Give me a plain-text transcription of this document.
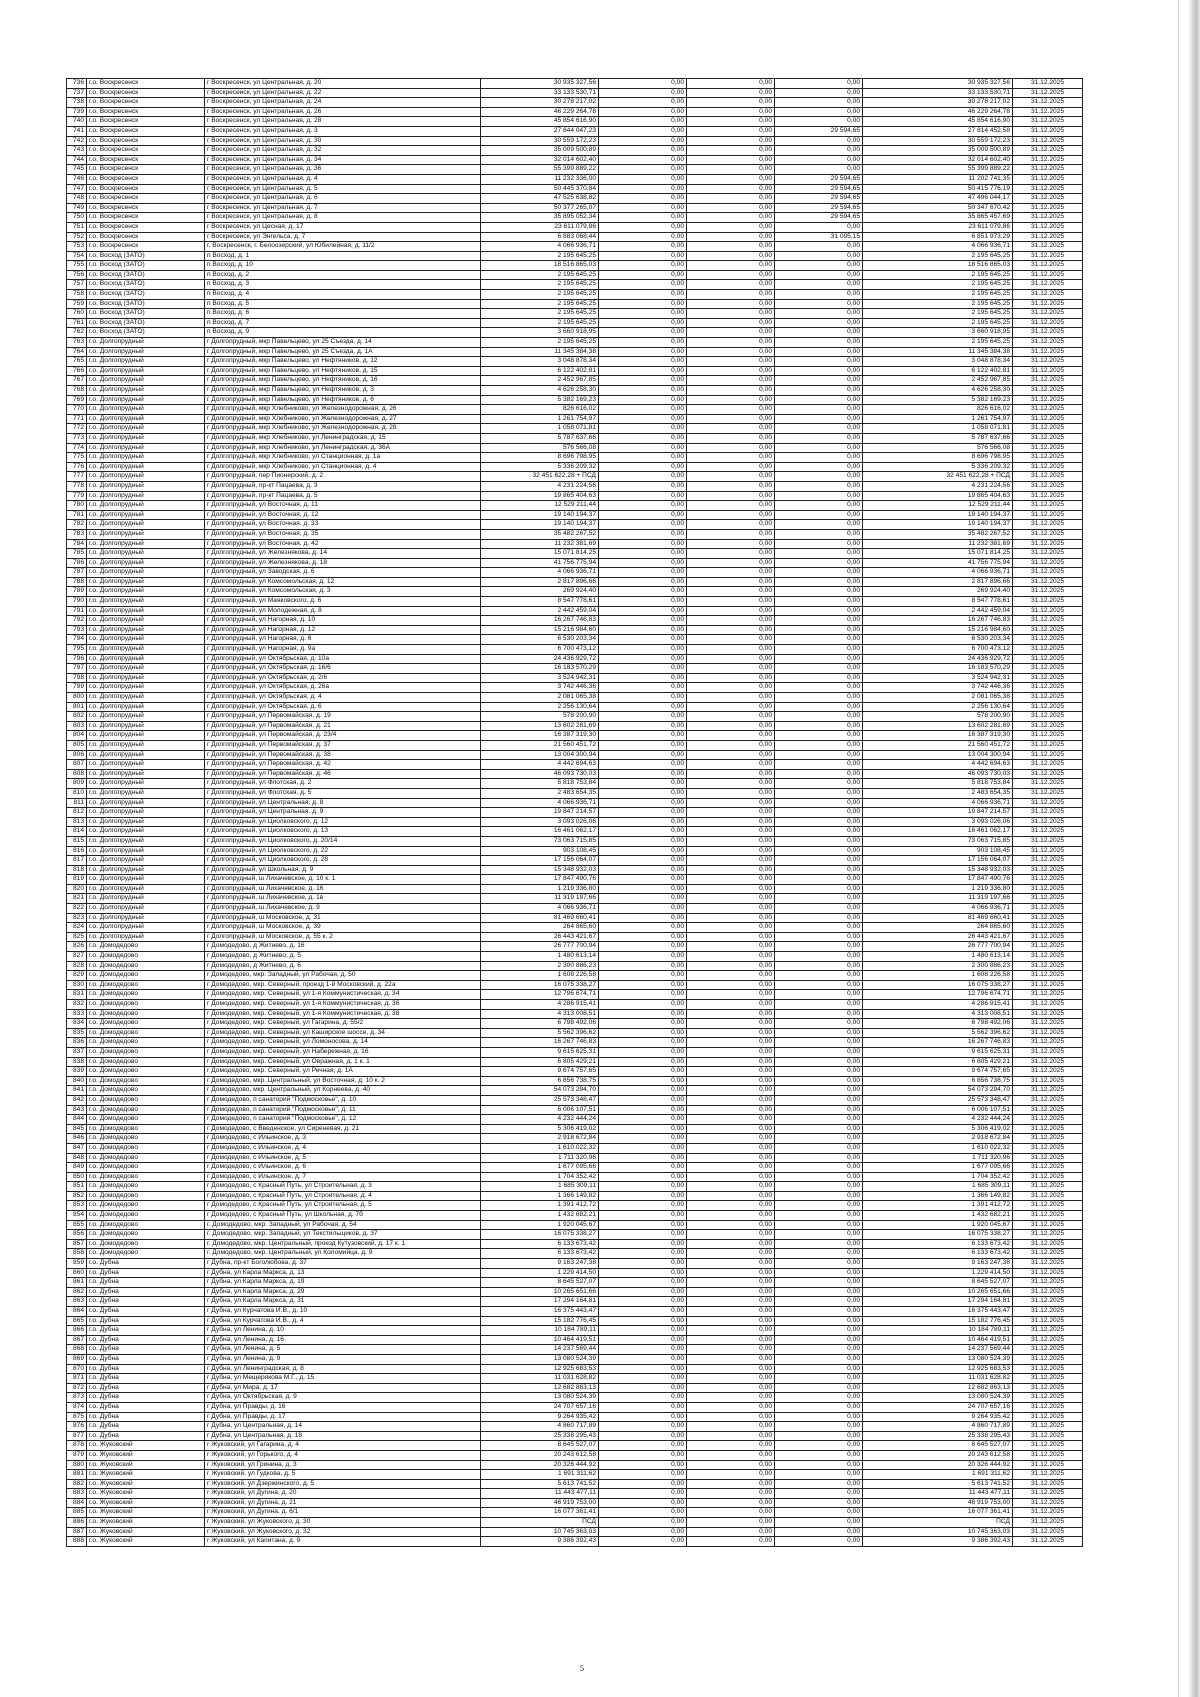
736	г.о. Воскресенск	г Воскресенск, ул Центральная, д. 20	30 935 327,56	0,00	0,00	0,00	30 935 327,56	31.12.2025
737	г.о. Воскресенск	г Воскресенск, ул Центральная, д. 22	33 133 530,71	0,00	0,00	0,00	33 133 530,71	31.12.2025
738	г.о. Воскресенск	г Воскресенск, ул Центральная, д. 24	30 278 217,02	0,00	0,00	0,00	30 278 217,02	31.12.2025
739	г.о. Воскресенск	г Воскресенск, ул Центральная, д. 26	46 229 264,78	0,00	0,00	0,00	46 229 264,78	31.12.2025
740	г.о. Воскресенск	г Воскресенск, ул Центральная, д. 28	45 854 616,90	0,00	0,00	0,00	45 854 616,90	31.12.2025
741	г.о. Воскресенск	г Воскресенск, ул Центральная, д. 3	27 844 047,23	0,00	0,00	29 594,65	27 814 452,58	31.12.2025
742	г.о. Воскресенск	г Воскресенск, ул Центральная, д. 30	30 559 172,23	0,00	0,00	0,00	30 559 172,23	31.12.2025
743	г.о. Воскресенск	г Воскресенск, ул Центральная, д. 32	35 009 500,89	0,00	0,00	0,00	35 009 500,89	31.12.2025
744	г.о. Воскресенск	г Воскресенск, ул Центральная, д. 34	32 014 602,40	0,00	0,00	0,00	32 014 602,40	31.12.2025
745	г.о. Воскресенск	г Воскресенск, ул Центральная, д. 36	55 399 889,22	0,00	0,00	0,00	55 399 889,22	31.12.2025
746	г.о. Воскресенск	г Воскресенск, ул Центральная, д. 4	11 232 336,00	0,00	0,00	29 594,65	11 202 741,35	31.12.2025
747	г.о. Воскресенск	г Воскресенск, ул Центральная, д. 5	50 445 370,84	0,00	0,00	29 594,65	50 415 776,19	31.12.2025
748	г.о. Воскресенск	г Воскресенск, ул Центральная, д. 6	47 525 638,82	0,00	0,00	29 594,65	47 496 044,17	31.12.2025
749	г.о. Воскресенск	г Воскресенск, ул Центральная, д. 7	50 377 265,07	0,00	0,00	29 594,65	50 347 670,42	31.12.2025
750	г.о. Воскресенск	г Воскресенск, ул Центральная, д. 8	35 895 052,34	0,00	0,00	29 594,65	35 865 457,69	31.12.2025
751	г.о. Воскресенск	г Воскресенск, ул Цесная, д. 17	23 611 079,86	0,00	0,00	0,00	23 611 079,86	31.12.2025
752	г.о. Воскресенск	г Воскресенск, ул Энгельса, д. 7	6 883 068,44	0,00	0,00	31 095,15	6 851 973,29	31.12.2025
753	г.о. Воскресенск	г. Воскресенск, г. Белоозерский, ул Юбилейная, д. 11/2	4 066 936,71	0,00	0,00	0,00	4 066 936,71	31.12.2025
754	г.о. Восход (ЗАТО)	п Восход, д. 1	2 195 645,25	0,00	0,00	0,00	2 195 645,25	31.12.2025
755	г.о. Восход (ЗАТО)	п Восход, д. 10	18 516 865,03	0,00	0,00	0,00	18 516 865,03	31.12.2025
756	г.о. Восход (ЗАТО)	п Восход, д. 2	2 195 645,25	0,00	0,00	0,00	2 195 645,25	31.12.2025
757	г.о. Восход (ЗАТО)	п Восход, д. 3	2 195 645,25	0,00	0,00	0,00	2 195 645,25	31.12.2025
758	г.о. Восход (ЗАТО)	п Восход, д. 4	2 195 645,25	0,00	0,00	0,00	2 195 645,25	31.12.2025
759	г.о. Восход (ЗАТО)	п Восход, д. 5	2 195 645,25	0,00	0,00	0,00	2 195 645,25	31.12.2025
760	г.о. Восход (ЗАТО)	п Восход, д. 6	2 195 645,25	0,00	0,00	0,00	2 195 645,25	31.12.2025
761	г.о. Восход (ЗАТО)	п Восход, д. 7	2 195 645,25	0,00	0,00	0,00	2 195 645,25	31.12.2025
762	г.о. Восход (ЗАТО)	п Восход, д. 9	3 660 918,95	0,00	0,00	0,00	3 660 918,95	31.12.2025
763	г.о. Долгопрудный	г Долгопрудный, мкр Павельцево, ул 25 Съезда, д. 14	2 195 645,25	0,00	0,00	0,00	2 195 645,25	31.12.2025
764	г.о. Долгопрудный	г Долгопрудный, мкр Павельцево, ул 25 Съезда, д. 1А	11 345 384,38	0,00	0,00	0,00	11 345 384,38	31.12.2025
765	г.о. Долгопрудный	г Долгопрудный, мкр Павельцево, ул Нефтяников, д. 12	3 048 878,34	0,00	0,00	0,00	3 048 878,34	31.12.2025
766	г.о. Долгопрудный	г Долгопрудный, мкр Павельцево, ул Нефтяников, д. 15	6 122 402,81	0,00	0,00	0,00	6 122 402,81	31.12.2025
767	г.о. Долгопрудный	г Долгопрудный, мкр Павельцево, ул Нефтяников, д. 16	2 452 967,85	0,00	0,00	0,00	2 452 967,85	31.12.2025
768	г.о. Долгопрудный	г Долгопрудный, мкр Павельцево, ул Нефтяников, д. 3	4 626 258,30	0,00	0,00	0,00	4 626 258,30	31.12.2025
769	г.о. Долгопрудный	г Долгопрудный, мкр Павельцево, ул Нефтяников, д. 6	5 382 169,23	0,00	0,00	0,00	5 382 169,23	31.12.2025
770	г.о. Долгопрудный	г Долгопрудный, мкр Хлебниково, ул Железнодорожная, д. 26	826 616,02	0,00	0,00	0,00	826 616,02	31.12.2025
771	г.о. Долгопрудный	г Долгопрудный, мкр Хлебниково, ул Железнодорожная, д. 27	1 261 754,97	0,00	0,00	0,00	1 261 754,97	31.12.2025
772	г.о. Долгопрудный	г Долгопрудный, мкр Хлебниково, ул Железнодорожная, д. 28	1 058 071,81	0,00	0,00	0,00	1 058 071,81	31.12.2025
773	г.о. Долгопрудный	г Долгопрудный, мкр Хлебниково, ул Ленинградская, д. 15	5 787 637,66	0,00	0,00	0,00	5 787 637,66	31.12.2025
774	г.о. Долгопрудный	г Долгопрудный, мкр Хлебниково, ул Ленинградская, д. 36А	576 566,08	0,00	0,00	0,00	576 566,08	31.12.2025
775	г.о. Долгопрудный	г Долгопрудный, мкр Хлебниково, ул Станционная, д. 1а	8 696 798,95	0,00	0,00	0,00	8 696 798,95	31.12.2025
776	г.о. Долгопрудный	г Долгопрудный, мкр Хлебниково, ул Станционная, д. 4	5 336 209,32	0,00	0,00	0,00	5 336 209,32	31.12.2025
777	г.о. Долгопрудный	г Долгопрудный, пер Пионерский, д. 2	32 451 622,28 + ПСД	0,00	0,00	0,00	32 451 622,28 + ПСД	31.12.2025
778	г.о. Долгопрудный	г Долгопрудный, пр-кт Пацаева, д. 3	4 231 224,56	0,00	0,00	0,00	4 231 224,56	31.12.2025
779	г.о. Долгопрудный	г Долгопрудный, пр-кт Пацаева, д. 5	19 865 404,63	0,00	0,00	0,00	19 865 404,63	31.12.2025
780	г.о. Долгопрудный	г Долгопрудный, ул Восточная, д. 11	12 529 211,44	0,00	0,00	0,00	12 529 211,44	31.12.2025
781	г.о. Долгопрудный	г Долгопрудный, ул Восточная, д. 12	19 140 194,37	0,00	0,00	0,00	19 140 194,37	31.12.2025
782	г.о. Долгопрудный	г Долгопрудный, ул Восточная, д. 33	19 140 194,37	0,00	0,00	0,00	19 140 194,37	31.12.2025
783	г.о. Долгопрудный	г Долгопрудный, ул Восточная, д. 35	35 482 267,52	0,00	0,00	0,00	35 482 267,52	31.12.2025
784	г.о. Долгопрудный	г Долгопрудный, ул Восточная, д. 42	11 232 381,69	0,00	0,00	0,00	11 232 381,69	31.12.2025
785	г.о. Долгопрудный	г Долгопрудный, ул Железнякова, д. 14	15 071 814,25	0,00	0,00	0,00	15 071 814,25	31.12.2025
786	г.о. Долгопрудный	г Долгопрудный, ул Железнякова, д. 18	41 756 775,94	0,00	0,00	0,00	41 756 775,94	31.12.2025
787	г.о. Долгопрудный	г Долгопрудный, ул Заводская, д. 6	4 066 936,71	0,00	0,00	0,00	4 066 936,71	31.12.2025
788	г.о. Долгопрудный	г Долгопрудный, ул Комсомольская, д. 12	2 817 896,66	0,00	0,00	0,00	2 817 896,66	31.12.2025
789	г.о. Долгопрудный	г Долгопрудный, ул Комсомольская, д. 3	269 924,40	0,00	0,00	0,00	269 924,40	31.12.2025
790	г.о. Долгопрудный	г Долгопрудный, ул Маяковского, д. 6	8 547 778,61	0,00	0,00	0,00	8 547 778,61	31.12.2025
791	г.о. Долгопрудный	г Долгопрудный, ул Молодежная, д. 8	2 442 459,04	0,00	0,00	0,00	2 442 459,04	31.12.2025
792	г.о. Долгопрудный	г Долгопрудный, ул Нагорная, д. 10	16 267 746,83	0,00	0,00	0,00	16 267 746,83	31.12.2025
793	г.о. Долгопрудный	г Долгопрудный, ул Нагорная, д. 12	15 216 984,60	0,00	0,00	0,00	15 216 984,60	31.12.2025
794	г.о. Долгопрудный	г Долгопрудный, ул Нагорная, д. 6	6 530 203,34	0,00	0,00	0,00	6 530 203,34	31.12.2025
795	г.о. Долгопрудный	г Долгопрудный, ул Нагорная, д. 9а	6 700 473,12	0,00	0,00	0,00	6 700 473,12	31.12.2025
796	г.о. Долгопрудный	г Долгопрудный, ул Октябрьская, д. 10а	24 436 929,72	0,00	0,00	0,00	24 436 929,72	31.12.2025
797	г.о. Долгопрудный	г Долгопрудный, ул Октябрьская, д. 16/6	16 183 570,29	0,00	0,00	0,00	16 183 570,29	31.12.2025
798	г.о. Долгопрудный	г Долгопрудный, ул Октябрьская, д. 2/6	3 524 942,31	0,00	0,00	0,00	3 524 942,31	31.12.2025
799	г.о. Долгопрудный	г Долгопрудный, ул Октябрьская, д. 26а	3 742 446,36	0,00	0,00	0,00	3 742 446,36	31.12.2025
800	г.о. Долгопрудный	г Долгопрудный, ул Октябрьская, д. 4	2 081 065,38	0,00	0,00	0,00	2 081 065,38	31.12.2025
801	г.о. Долгопрудный	г Долгопрудный, ул Октябрьская, д. 6	2 256 130,64	0,00	0,00	0,00	2 256 130,64	31.12.2025
802	г.о. Долгопрудный	г Долгопрудный, ул Первомайская, д. 19	578 200,90	0,00	0,00	0,00	578 200,90	31.12.2025
803	г.о. Долгопрудный	г Долгопрудный, ул Первомайская, д. 21	13 602 281,69	0,00	0,00	0,00	13 602 281,69	31.12.2025
804	г.о. Долгопрудный	г Долгопрудный, ул Первомайская, д. 23/4	16 387 319,30	0,00	0,00	0,00	16 387 319,30	31.12.2025
805	г.о. Долгопрудный	г Долгопрудный, ул Первомайская, д. 37	21 560 451,72	0,00	0,00	0,00	21 560 451,72	31.12.2025
806	г.о. Долгопрудный	г Долгопрудный, ул Первомайская, д. 38	13 004 300,94	0,00	0,00	0,00	13 004 300,94	31.12.2025
807	г.о. Долгопрудный	г Долгопрудный, ул Первомайская, д. 42	4 442 694,63	0,00	0,00	0,00	4 442 694,63	31.12.2025
808	г.о. Долгопрудный	г Долгопрудный, ул Первомайская, д. 46	46 093 730,03	0,00	0,00	0,00	46 093 730,03	31.12.2025
809	г.о. Долгопрудный	г Долгопрудный, ул Флотская, д. 2	5 818 753,84	0,00	0,00	0,00	5 818 753,84	31.12.2025
810	г.о. Долгопрудный	г Долгопрудный, ул Флотская, д. 5	2 483 654,35	0,00	0,00	0,00	2 483 654,35	31.12.2025
811	г.о. Долгопрудный	г Долгопрудный, ул Центральная, д. 8	4 066 936,71	0,00	0,00	0,00	4 066 936,71	31.12.2025
812	г.о. Долгопрудный	г Долгопрудный, ул Центральная, д. 9	19 847 214,57	0,00	0,00	0,00	19 847 214,57	31.12.2025
813	г.о. Долгопрудный	г Долгопрудный, ул Циолковского, д. 12	3 093 026,06	0,00	0,00	0,00	3 093 026,06	31.12.2025
814	г.о. Долгопрудный	г Долгопрудный, ул Циолковского, д. 13	16 461 062,17	0,00	0,00	0,00	16 461 062,17	31.12.2025
815	г.о. Долгопрудный	г Долгопрудный, ул Циолковского, д. 20/14	73 063 715,85	0,00	0,00	0,00	73 063 715,85	31.12.2025
816	г.о. Долгопрудный	г Долгопрудный, ул Циолковского, д. 22	903 108,45	0,00	0,00	0,00	903 108,45	31.12.2025
817	г.о. Долгопрудный	г Долгопрудный, ул Циолковского, д. 28	17 156 064,07	0,00	0,00	0,00	17 156 064,07	31.12.2025
818	г.о. Долгопрудный	г Долгопрудный, ул Школьная, д. 9	15 348 932,03	0,00	0,00	0,00	15 348 932,03	31.12.2025
819	г.о. Долгопрудный	г Долгопрудный, ш Лихачевское, д. 10 к. 1	17 847 490,76	0,00	0,00	0,00	17 847 490,76	31.12.2025
820	г.о. Долгопрудный	г Долгопрудный, ш Лихачевское, д. 16	1 219 336,80	0,00	0,00	0,00	1 219 336,80	31.12.2025
821	г.о. Долгопрудный	г Долгопрудный, ш Лихачевское, д. 1в	11 319 197,66	0,00	0,00	0,00	11 319 197,66	31.12.2025
822	г.о. Долгопрудный	г Долгопрудный, ш Лихачевское, д. 9	4 066 936,71	0,00	0,00	0,00	4 066 936,71	31.12.2025
823	г.о. Долгопрудный	г Долгопрудный, ш Московское, д. 31	81 469 660,41	0,00	0,00	0,00	81 469 660,41	31.12.2025
824	г.о. Долгопрудный	г Долгопрудный, ш Московское, д. 39	264 865,60	0,00	0,00	0,00	264 865,60	31.12.2025
825	г.о. Долгопрудный	г Долгопрудный, ш Московское, д. 55 к. 2	26 443 421,67	0,00	0,00	0,00	26 443 421,67	31.12.2025
826	г.о. Домодедово	г Домодедово, д Житнево, д. 16	26 777 700,94	0,00	0,00	0,00	26 777 700,94	31.12.2025
827	г.о. Домодедово	г Домодедово, д Житнево, д. 5	1 480 613,14	0,00	0,00	0,00	1 480 613,14	31.12.2025
828	г.о. Домодедово	г Домодедово, д Житнево, д. 6	2 300 886,23	0,00	0,00	0,00	2 300 886,23	31.12.2025
829	г.о. Домодедово	г Домодедово, мкр. Западный, ул Рабочая, д. 50	1 608 226,58	0,00	0,00	0,00	1 608 226,58	31.12.2025
830	г.о. Домодедово	г Домодедово, мкр. Северный, проезд 1-й Московский, д. 22а	16 075 338,27	0,00	0,00	0,00	16 075 338,27	31.12.2025
831	г.о. Домодедово	г Домодедово, мкр. Северный, ул 1-я Коммунистическая, д. 34	12 796 674,71	0,00	0,00	0,00	12 796 674,71	31.12.2025
832	г.о. Домодедово	г Домодедово, мкр. Северный, ул 1-я Коммунистическая, д. 36	4 286 915,41	0,00	0,00	0,00	4 286 915,41	31.12.2025
833	г.о. Домодедово	г Домодедово, мкр. Северный, ул 1-я Коммунистическая, д. 38	4 313 008,51	0,00	0,00	0,00	4 313 008,51	31.12.2025
834	г.о. Домодедово	г Домодедово, мкр. Северный, ул Гагарина, д. 55/2	6 798 492,06	0,00	0,00	0,00	6 798 492,06	31.12.2025
835	г.о. Домодедово	г Домодедово, мкр. Северный, ул Каширское шоссе, д. 34	5 562 396,62	0,00	0,00	0,00	5 562 396,62	31.12.2025
836	г.о. Домодедово	г Домодедово, мкр. Северный, ул Ломоносова, д. 14	16 267 746,83	0,00	0,00	0,00	16 267 746,83	31.12.2025
837	г.о. Домодедово	г Домодедово, мкр. Северный, ул Набережная, д. 16	9 615 625,31	0,00	0,00	0,00	9 615 625,31	31.12.2025
838	г.о. Домодедово	г Домодедово, мкр. Северный, ул Овражная, д. 1 к. 1	6 805 429,21	0,00	0,00	0,00	6 805 429,21	31.12.2025
839	г.о. Домодедово	г Домодедово, мкр. Северный, ул Речная, д. 1А	9 674 757,65	0,00	0,00	0,00	9 674 757,65	31.12.2025
840	г.о. Домодедово	г Домодедово, мкр. Центральный, ул Восточная, д. 10 к. 2	6 856 738,75	0,00	0,00	0,00	6 856 738,75	31.12.2025
841	г.о. Домодедово	г Домодедово, мкр. Центральный, ул Корнеева, д. 40	54 073 294,70	0,00	0,00	0,00	54 073 294,70	31.12.2025
842	г.о. Домодедово	г Домодедово, п санаторий "Подмосковье", д. 10	25 573 348,47	0,00	0,00	0,00	25 573 348,47	31.12.2025
843	г.о. Домодедово	г Домодедово, п санаторий "Подмосковье", д. 11	6 006 107,51	0,00	0,00	0,00	6 006 107,51	31.12.2025
844	г.о. Домодедово	г Домодедово, п санаторий "Подмосковье", д. 12	4 232 444,24	0,00	0,00	0,00	4 232 444,24	31.12.2025
845	г.о. Домодедово	г Домодедово, с Введенское, ул Сиреневая, д. 21	5 306 419,02	0,00	0,00	0,00	5 306 419,02	31.12.2025
846	г.о. Домодедово	г Домодедово, с Ильинское, д. 3	2 918 672,84	0,00	0,00	0,00	2 918 672,84	31.12.2025
847	г.о. Домодедово	г Домодедово, с Ильинское, д. 4	1 610 022,32	0,00	0,00	0,00	1 610 022,32	31.12.2025
848	г.о. Домодедово	г Домодедово, с Ильинское, д. 5	1 711 320,96	0,00	0,00	0,00	1 711 320,96	31.12.2025
849	г.о. Домодедово	г Домодедово, с Ильинское, д. 6	1 677 095,66	0,00	0,00	0,00	1 677 095,66	31.12.2025
850	г.о. Домодедово	г Домодедово, с Ильинское, д. 7	1 704 352,42	0,00	0,00	0,00	1 704 352,42	31.12.2025
851	г.о. Домодедово	г Домодедово, с Красный Путь, ул Строительная, д. 3	1 685 309,11	0,00	0,00	0,00	1 685 309,11	31.12.2025
852	г.о. Домодедово	г Домодедово, с Красный Путь, ул Строительная, д. 4	1 366 149,82	0,00	0,00	0,00	1 366 149,82	31.12.2025
853	г.о. Домодедово	г Домодедово, с Красный Путь, ул Строительная, д. 5	1 391 412,72	0,00	0,00	0,00	1 391 412,72	31.12.2025
854	г.о. Домодедово	г Домодедово, с Красный Путь, ул Школьная, д. 7б	1 432 682,21	0,00	0,00	0,00	1 432 682,21	31.12.2025
855	г.о. Домодедово	г. Домодедово, мкр. Западный, ул Рабочая, д. 54	1 920 045,67	0,00	0,00	0,00	1 920 045,67	31.12.2025
856	г.о. Домодедово	г. Домодедово, мкр. Западный, ул Текстильщиков, д. 37	16 075 338,27	0,00	0,00	0,00	16 075 338,27	31.12.2025
857	г.о. Домодедово	г. Домодедово, мкр. Центральный, проезд Кутузовский, д. 17 к. 1	6 133 673,42	0,00	0,00	0,00	6 133 673,42	31.12.2025
858	г.о. Домодедово	г. Домодедово, мкр. Центральный, ул Коломийца, д. 9	6 133 673,42	0,00	0,00	0,00	6 133 673,42	31.12.2025
859	г.о. Дубна	г Дубна, пр-кт Боголюбова, д. 37	9 163 247,38	0,00	0,00	0,00	9 163 247,38	31.12.2025
860	г.о. Дубна	г Дубна, ул Карла Маркса, д. 13	1 229 414,50	0,00	0,00	0,00	1 229 414,50	31.12.2025
861	г.о. Дубна	г Дубна, ул Карла Маркса, д. 19	8 645 527,07	0,00	0,00	0,00	8 645 527,07	31.12.2025
862	г.о. Дубна	г Дубна, ул Карла Маркса, д. 29	10 265 651,66	0,00	0,00	0,00	10 265 651,66	31.12.2025
863	г.о. Дубна	г Дубна, ул Карла Маркса, д. 31	17 294 164,81	0,00	0,00	0,00	17 294 164,81	31.12.2025
864	г.о. Дубна	г Дубна, ул Курчатова И.В., д. 10	16 375 443,47	0,00	0,00	0,00	16 375 443,47	31.12.2025
865	г.о. Дубна	г Дубна, ул Курчатова И.В., д. 4	15 182 776,45	0,00	0,00	0,00	15 182 776,45	31.12.2025
866	г.о. Дубна	г Дубна, ул Ленина, д. 10	10 184 789,11	0,00	0,00	0,00	10 184 789,11	31.12.2025
867	г.о. Дубна	г Дубна, ул Ленина, д. 16	10 464 419,51	0,00	0,00	0,00	10 464 419,51	31.12.2025
868	г.о. Дубна	г Дубна, ул Ленина, д. 5	14 237 569,44	0,00	0,00	0,00	14 237 569,44	31.12.2025
869	г.о. Дубна	г Дубна, ул Ленина, д. 9	13 080 524,39	0,00	0,00	0,00	13 080 524,39	31.12.2025
870	г.о. Дубна	г Дубна, ул Ленинградская, д. 8	12 925 683,53	0,00	0,00	0,00	12 925 683,53	31.12.2025
871	г.о. Дубна	г Дубна, ул Мещерякова М.Г., д. 15	11 031 628,82	0,00	0,00	0,00	11 031 628,82	31.12.2025
872	г.о. Дубна	г Дубна, ул Мира, д. 17	12 682 863,13	0,00	0,00	0,00	12 682 863,13	31.12.2025
873	г.о. Дубна	г Дубна, ул Октябрьская, д. 9	13 080 524,39	0,00	0,00	0,00	13 080 524,39	31.12.2025
874	г.о. Дубна	г Дубна, ул Правды, д. 16	24 707 657,16	0,00	0,00	0,00	24 707 657,16	31.12.2025
875	г.о. Дубна	г Дубна, ул Правды, д. 17	9 264 935,42	0,00	0,00	0,00	9 264 935,42	31.12.2025
876	г.о. Дубна	г Дубна, ул Центральная, д. 14	4 860 717,89	0,00	0,00	0,00	4 860 717,89	31.12.2025
877	г.о. Дубна	г Дубна, ул Центральная, д. 18	25 338 295,43	0,00	0,00	0,00	25 338 295,43	31.12.2025
878	г.о. Жуковский	г Жуковский, ул Гагарина, д. 4	8 645 527,07	0,00	0,00	0,00	8 645 527,07	31.12.2025
879	г.о. Жуковский	г Жуковский, ул Горького, д. 4	20 243 612,58	0,00	0,00	0,00	20 243 612,58	31.12.2025
880	г.о. Жуковский	г Жуковский, ул Гринина, д. 3	20 326 444,92	0,00	0,00	0,00	20 326 444,92	31.12.2025
881	г.о. Жуковский	г Жуковский, ул Гудкова, д. 5	1 691 311,62	0,00	0,00	0,00	1 691 311,62	31.12.2025
882	г.о. Жуковский	г Жуковский, ул Дзержинского, д. 5	5 613 741,52	0,00	0,00	0,00	5 613 741,52	31.12.2025
883	г.о. Жуковский	г Жуковский, ул Дугина, д. 20	11 443 477,11	0,00	0,00	0,00	11 443 477,11	31.12.2025
884	г.о. Жуковский	г Жуковский, ул Дугина, д. 21	46 919 753,00	0,00	0,00	0,00	46 919 753,00	31.12.2025
885	г.о. Жуковский	г Жуковский, ул Дугина, д. 6/1	16 077 361,41	0,00	0,00	0,00	16 077 361,41	31.12.2025
886	г.о. Жуковский	г Жуковский, ул Жуковского, д. 30	ПСД	0,00	0,00	0,00	ПСД	31.12.2025
887	г.о. Жуковский	г Жуковский, ул Жуковского, д. 32	10 745 363,03	0,00	0,00	0,00	10 745 363,03	31.12.2025
888	г.о. Жуковский	г Жуковский, ул Капитана, д. 9	9 386 392,43	0,00	0,00	0,00	9 386 392,43	31.12.2025
5
